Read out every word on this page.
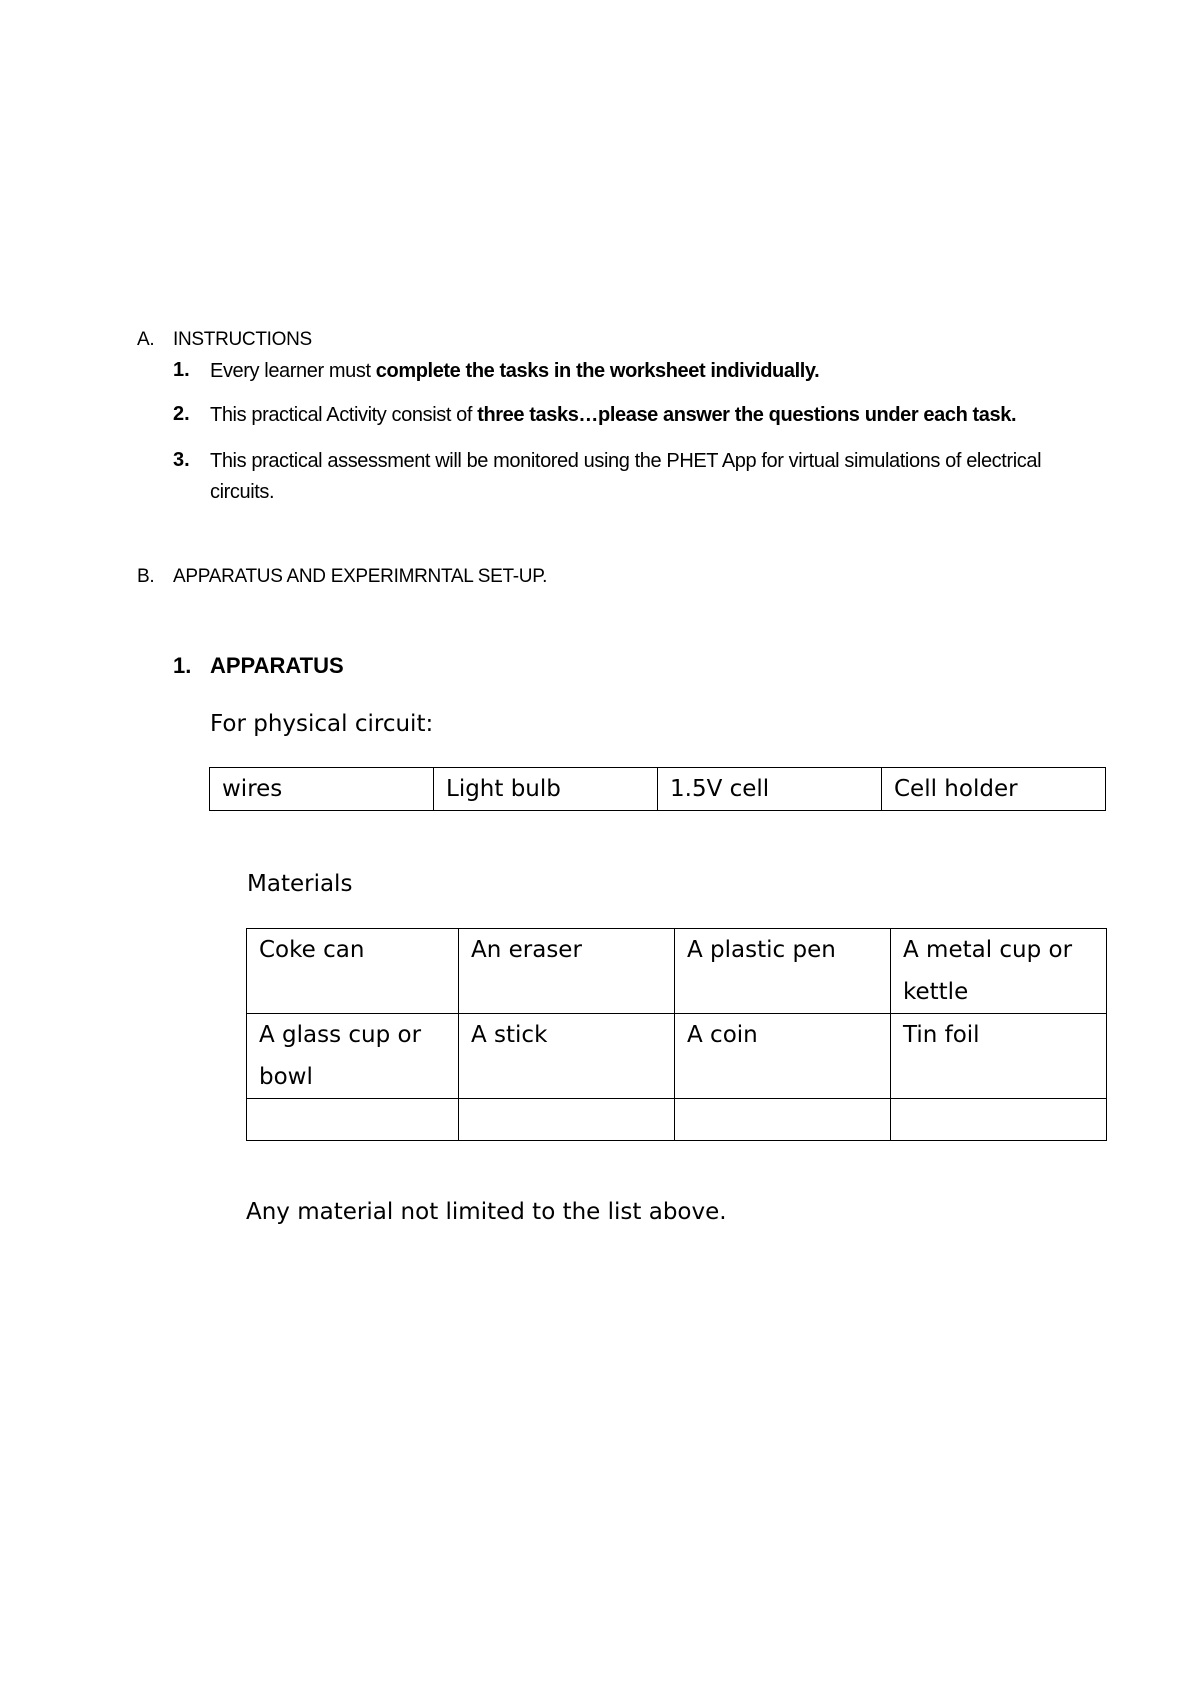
A. INSTRUCTIONS
1. Every learner must complete the tasks in the worksheet individually.
2. This practical Activity consist of three tasks…please answer the questions under each task.
3. This practical assessment will be monitored using the PHET App for virtual simulations of electrical circuits.
B. APPARATUS AND EXPERIMRNTAL SET-UP.
1. APPARATUS
For physical circuit:
wires	Light bulb	1.5V cell	Cell holder
Materials
Coke can	An eraser	A plastic pen	A metal cup or kettle
A glass cup or bowl	A stick	A coin	Tin foil

Any material not limited to the list above.
